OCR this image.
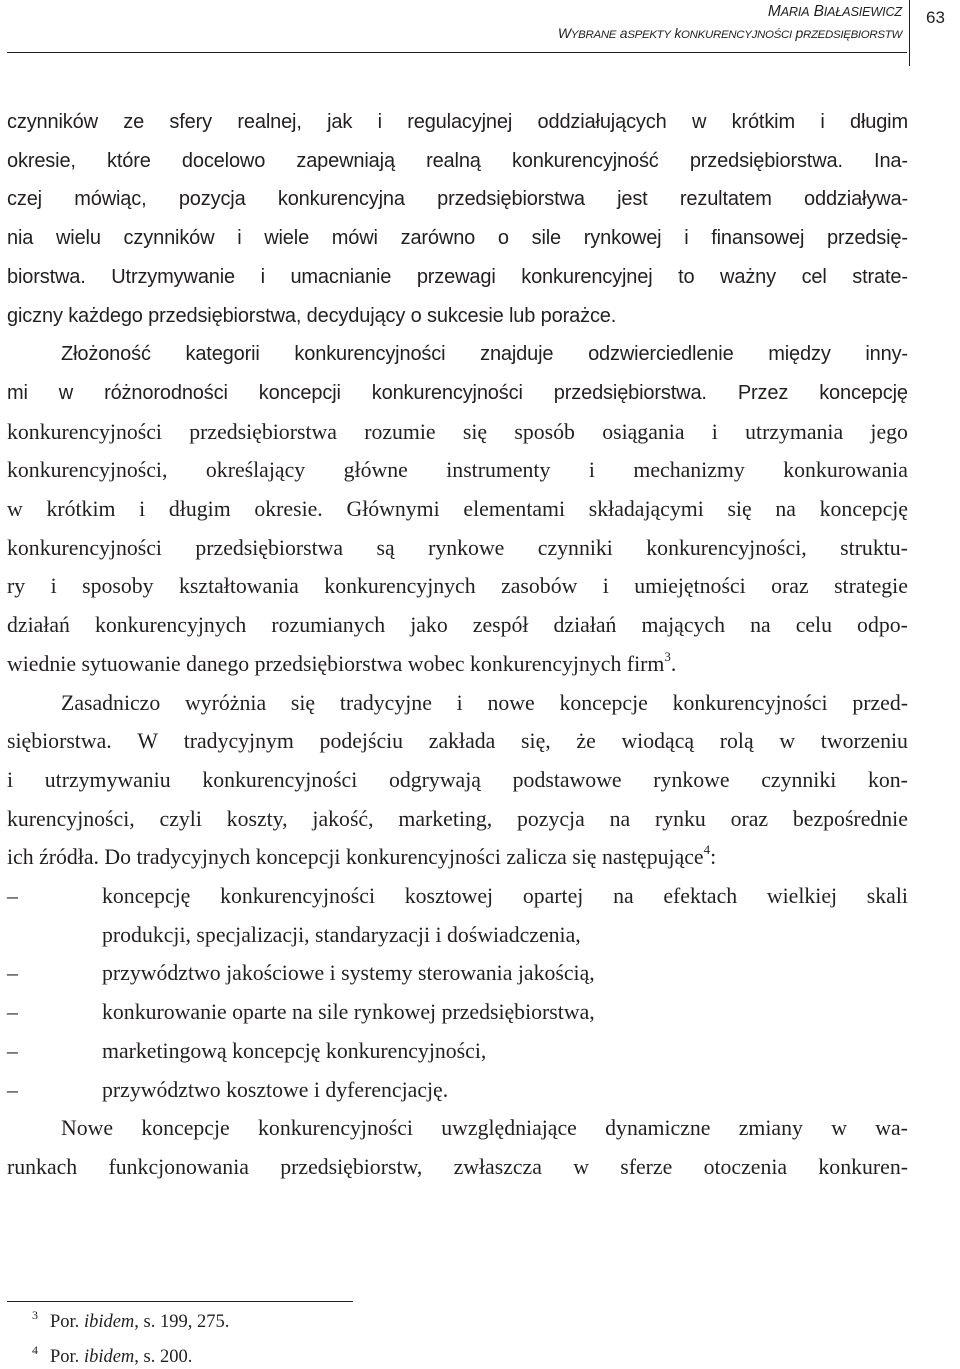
MARIA BIAŁASIEWICZ
WYBRANE aSPEKTY kONKURENCYJNOŚCI pRZEDSIĘBIORSTW
63
czynników ze sfery realnej, jak i regulacyjnej oddziałujących w krótkim i długim
okresie, które docelowo zapewniają realną konkurencyjność przedsiębiorstwa. Ina-
czej mówiąc, pozycja konkurencyjna przedsiębiorstwa jest rezultatem oddziaływa-
nia wielu czynników i wiele mówi zarówno o sile rynkowej i finansowej przedsię-
biorstwa. Utrzymywanie i umacnianie przewagi konkurencyjnej to ważny cel strate-
giczny każdego przedsiębiorstwa, decydujący o sukcesie lub porażce.
Złożoność kategorii konkurencyjności znajduje odzwierciedlenie między inny-
mi w różnorodności koncepcji konkurencyjności przedsiębiorstwa. Przez koncepcję
konkurencyjności przedsiębiorstwa rozumie się sposób osiągania i utrzymania jego
konkurencyjności, określający główne instrumenty i mechanizmy konkurowania
w krótkim i długim okresie. Głównymi elementami składającymi się na koncepcję
konkurencyjności przedsiębiorstwa są rynkowe czynniki konkurencyjności, struktu-
ry i sposoby kształtowania konkurencyjnych zasobów i umiejętności oraz strategie
działań konkurencyjnych rozumianych jako zespół działań mających na celu odpo-
wiednie sytuowanie danego przedsiębiorstwa wobec konkurencyjnych firm$^3$.
Zasadniczo wyróżnia się tradycyjne i nowe koncepcje konkurencyjności przed-
siębiorstwa. W tradycyjnym podejściu zakłada się, że wiodącą rolą w tworzeniu
i utrzymywaniu konkurencyjności odgrywają podstawowe rynkowe czynniki kon-
kurencyjności, czyli koszty, jakość, marketing, pozycja na rynku oraz bezpośrednie
ich źródła. Do tradycyjnych koncepcji konkurencyjności zalicza się następujące$^4$:
–	koncepcję konkurencyjności kosztowej opartej na efektach wielkiej skali
produkcji, specjalizacji, standaryzacji i doświadczenia,
–	przywództwo jakościowe i systemy sterowania jakością,
–	konkurowanie oparte na sile rynkowej przedsiębiorstwa,
–	marketingową koncepcję konkurencyjności,
–	przywództwo kosztowe i dyferencjację.
Nowe koncepcje konkurencyjności uwzględniające dynamiczne zmiany w wa-
runkach funkcjonowania przedsiębiorstw, zwłaszcza w sferze otoczenia konkuren-
3 Por. ibidem, s. 199, 275.
4 Por. ibidem, s. 200.
